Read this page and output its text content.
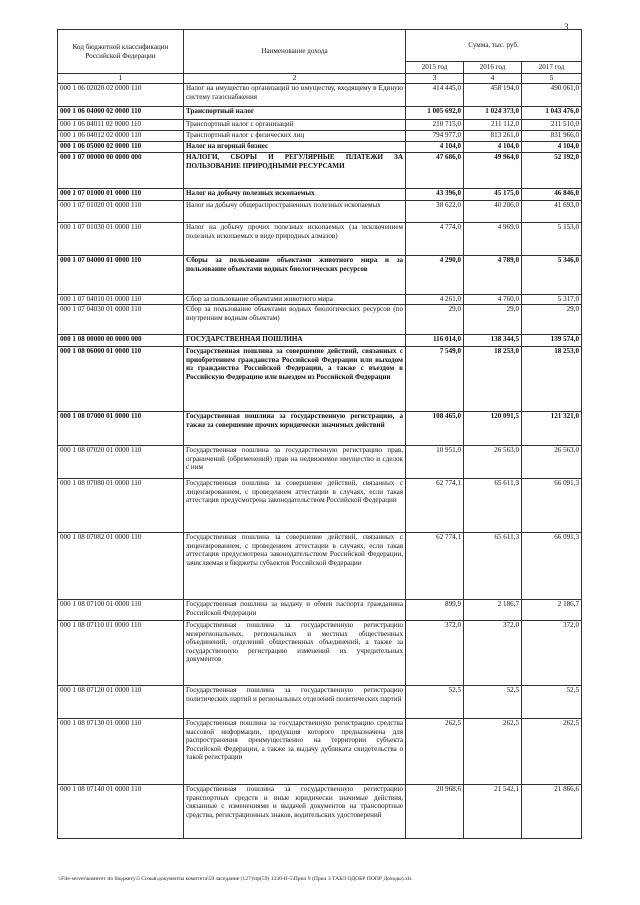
3
Код бюджетной классификации Российской Федерации	Наименование дохода	Сумма, тыс. руб.		
		2015 год	2016 год	2017 год
1	2	3	4	5
000 1 06 02020 02 0000 110	Налог на имущество организаций по имуществу, входящему в Единую систему газоснабжения	414 445,0	458 194,0	490 061,0
000 1 06 04000 02 0000 110	Транспортный налог	1 005 692,0	1 024 373,0	1 043 476,0
000 1 06 04011 02 0000 110	Транспортный налог с организаций	210 715,0	211 112,0	211 510,0
000 1 06 04012 02 0000 110	Транспортный налог с физических лиц	794 977,0	813 261,0	831 966,0
000 1 06 05000 02 0000 110	Налог на игорный бизнес	4 104,0	4 104,0	4 104,0
000 1 07 00000 00 0000 000	НАЛОГИ, СБОРЫ И РЕГУЛЯРНЫЕ ПЛАТЕЖИ ЗА ПОЛЬЗОВАНИЕ ПРИРОДНЫМИ РЕСУРСАМИ	47 686,0	49 964,0	52 192,0
000 1 07 01000 01 0000 110	Налог на добычу полезных ископаемых	43 396,0	45 175,0	46 846,0
000 1 07 01020 01 0000 110	Налог на добычу общераспространенных полезных ископаемых	38 622,0	40 206,0	41 693,0
000 1 07 01030 01 0000 110	Налог на добычу прочих полезных ископаемых (за исключением полезных ископаемых в виде природных алмазов)	4 774,0	4 969,0	5 153,0
000 1 07 04000 01 0000 110	Сборы за пользование объектами животного мира и за пользование объектами водных биологических ресурсов	4 290,0	4 789,0	5 346,0
000 1 07 04010 01 0000 110	Сбор за пользование объектами животного мира	4 261,0	4 760,0	5 317,0
000 1 07 04030 01 0000 110	Сбор за пользование объектами водных биологических ресурсов (по внутренним водным объектам)	29,0	29,0	29,0
000 1 08 00000 00 0000 000	ГОСУДАРСТВЕННАЯ ПОШЛИНА	116 014,0	138 344,5	139 574,0
000 1 08 06000 01 0000 110	Государственная пошлина за совершение действий, связанных с приобретением гражданства Российской Федерации или выходом из гражданства Российской Федерации, а также с въездом в Российскую Федерацию или выездом из Российской Федерации	7 549,0	18 253,0	18 253,0
000 1 08 07000 01 0000 110	Государственная пошлина за государственную регистрацию, а также за совершение прочих юридически значимых действий	108 465,0	120 091,5	121 321,0
000 1 08 07020 01 0000 110	Государственная пошлина за государственную регистрацию прав, ограничений (обременений) прав на недвижимое имущество и сделок с ним	10 951,0	26 563,0	26 563,0
000 1 08 07080 01 0000 110	Государственная пошлина за совершение действий, связанных с лицензированием, с проведением аттестации в случаях, если такая аттестация предусмотрена законодательством Российской Федерации	62 774,1	65 611,3	66 091,3
000 1 08 07082 01 0000 110	Государственная пошлина за совершение действий, связанных с лицензированием, с проведением аттестации в случаях, если такая аттестация предусмотрена законодательством Российской Федерации, зачисляемая в бюджеты субъектов Российской Федерации	62 774,1	65 611,3	66 091,3
000 1 08 07100 01 0000 110	Государственная пошлина за выдачу и обмен паспорта гражданина Российской Федерации	899,9	2 186,7	2 186,7
000 1 08 07110 01 0000 110	Государственная пошлина за государственную регистрацию межрегиональных, региональных и местных общественных объединений, отделений общественных объединений, а также за государственную регистрацию изменений их учредительных документов	372,0	372,0	372,0
000 1 08 07120 01 0000 110	Государственная пошлина за государственную регистрацию политических партий и региональных отделений политических партий	52,5	52,5	52,5
000 1 08 07130 01 0000 110	Государственная пошлина за государственную регистрацию средства массовой информации, продукция которого предназначена для распространения преимущественно на территории субъекта Российской Федерации, а также за выдачу дубликата свидетельства о такой регистрации	262,5	262,5	262,5
000 1 08 07140 01 0000 110	Государственная пошлина за государственную регистрацию транспортных средств и иные юридически значимые действия, связанные с изменениями и выдачей документов на транспортные средства, регистрационных знаков, водительских удостоверений	20 968,6	21 542,1	21 866,6
\\File-server\комитет по бюджету\5 Созыв\документы комитета\59 заседание (127)\пр(59) 1330-II-5\Прил 9 (Прил 3 ТАБЛ ОДОБР ПОПР Доходы).xls
